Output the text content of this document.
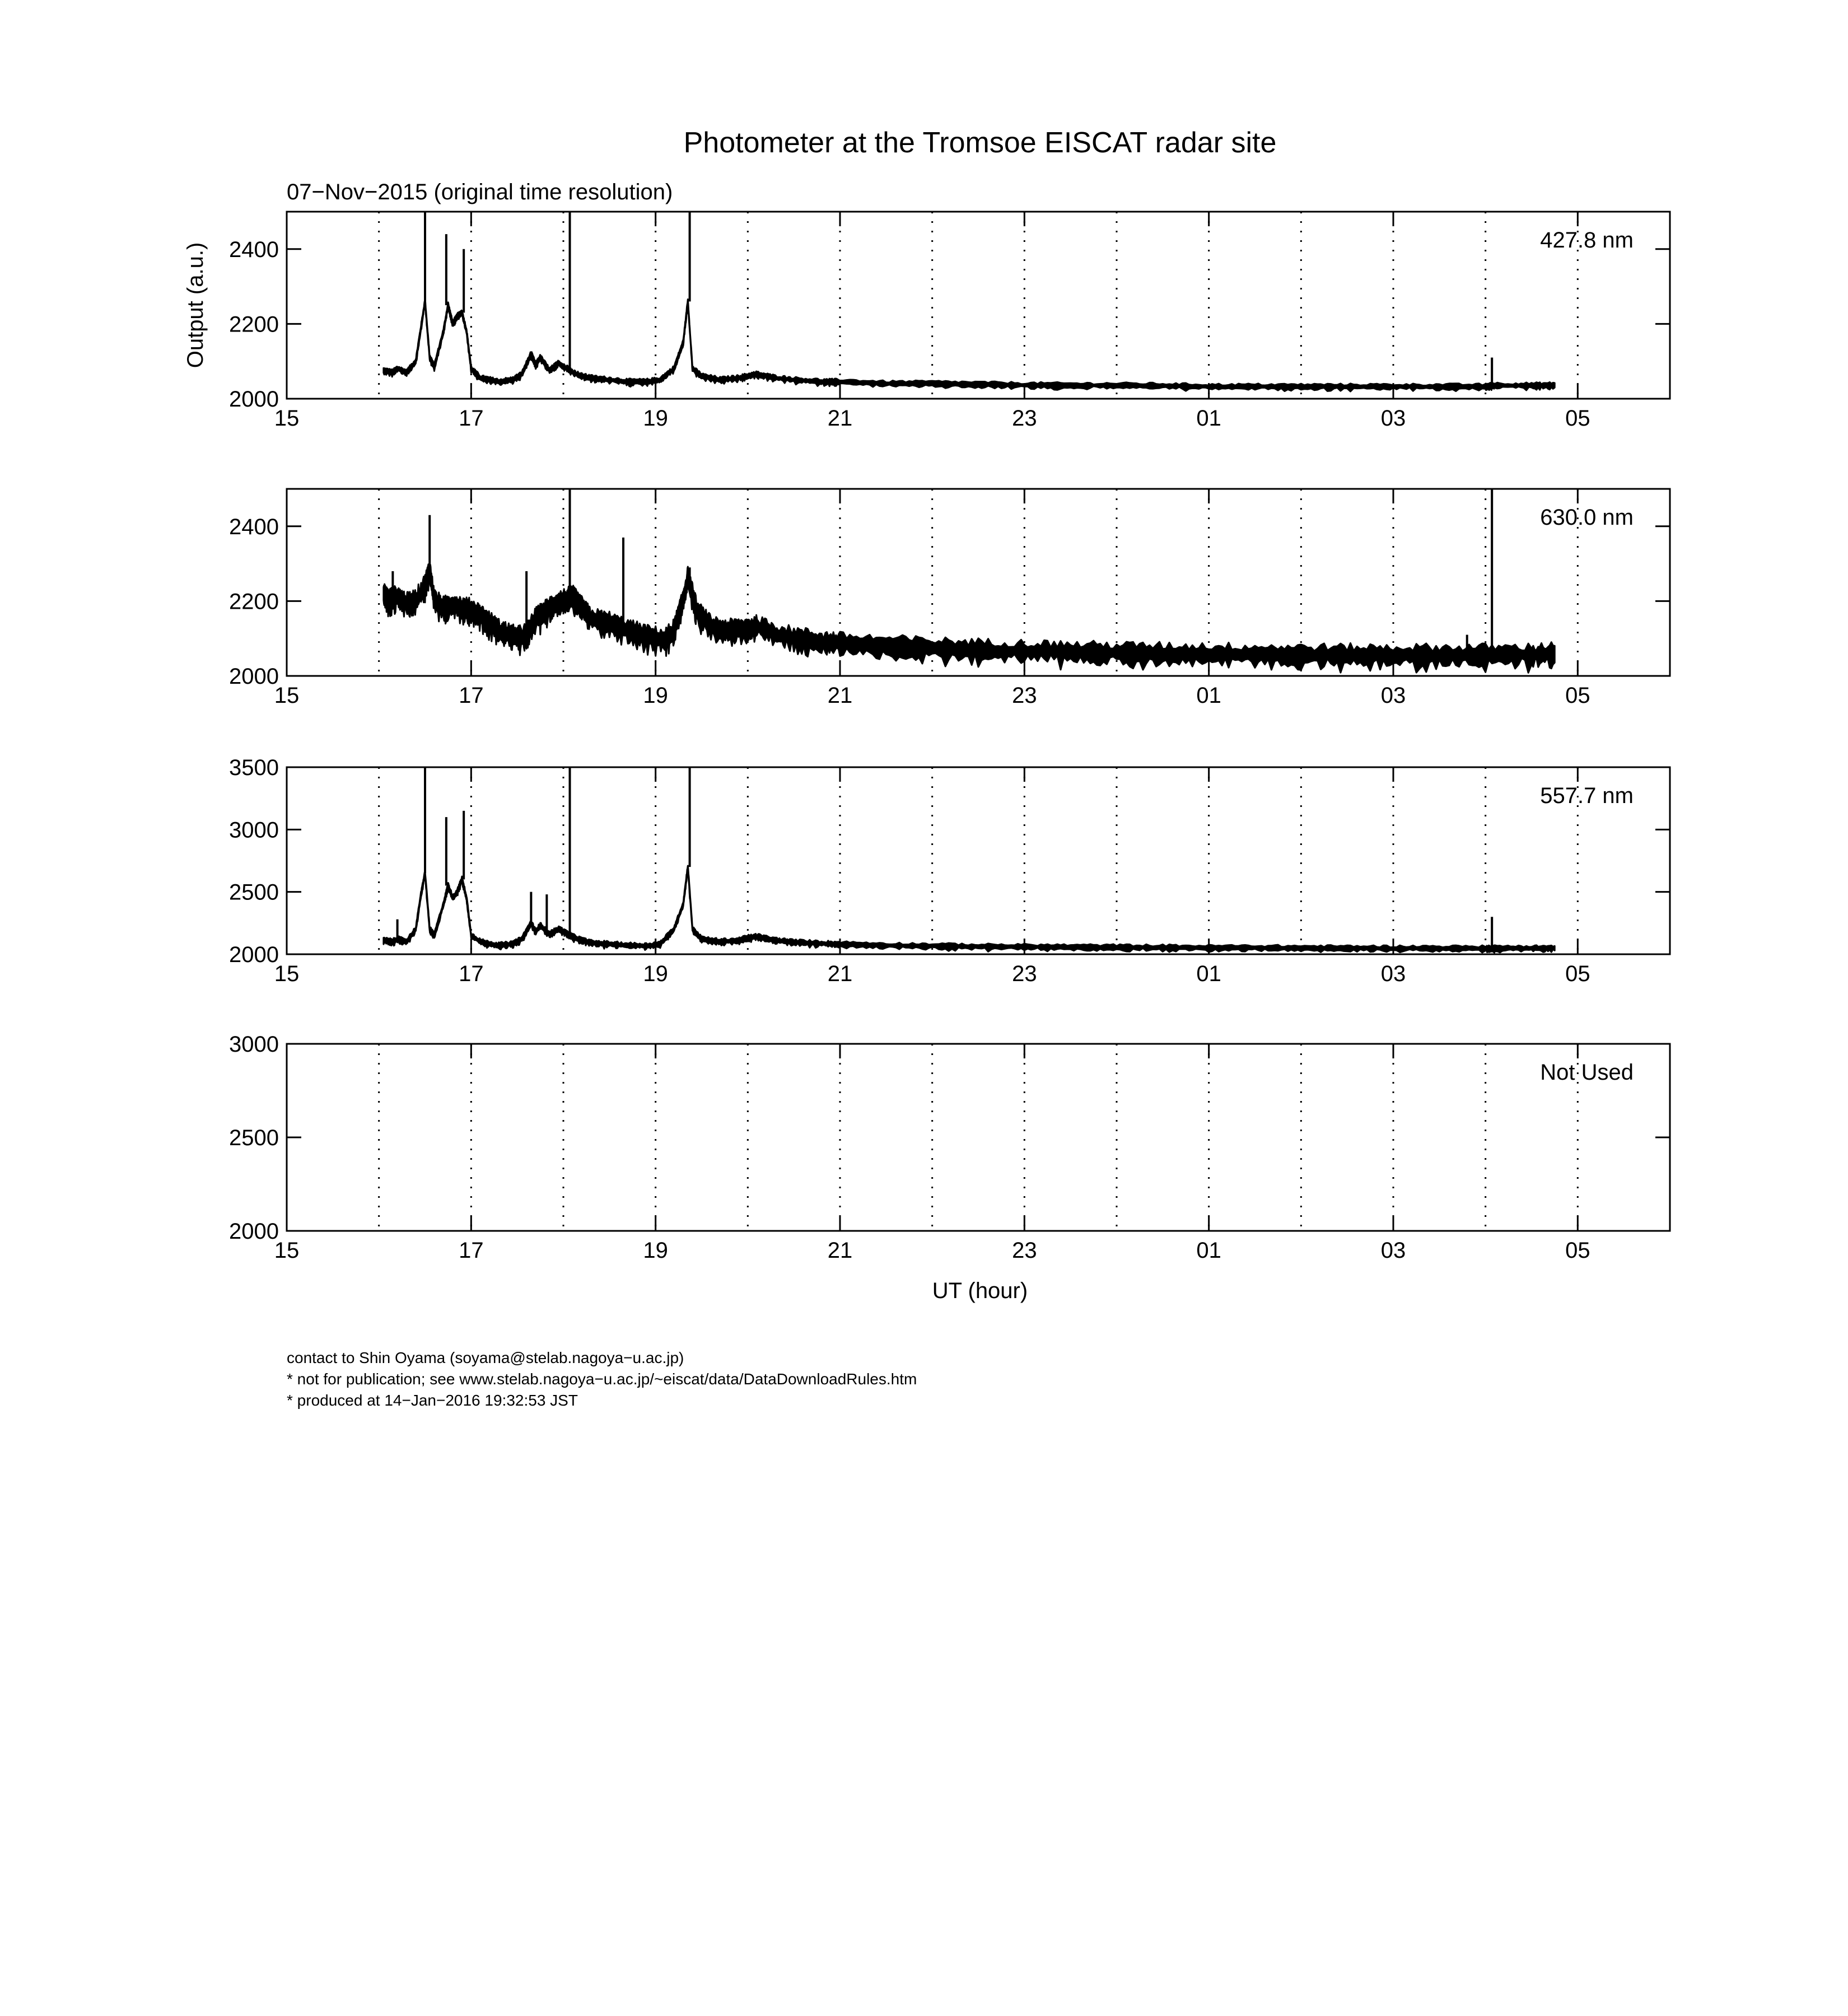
Photometer at the Tromsoe EISCAT radar site
07−Nov−2015 (original time resolution)
Output (a.u.)
UT (hour)
15	17	19	21	23	01	03	05
2000
2200
2400	427.8 nm
15	17	19	21	23	01	03	05
2000
2200
2400	630.0 nm
15	17	19	21	23	01	03	05
2000
2500
3000
3500
557.7 nm
15	17	19	21	23	01	03	05
2000
2500
3000
Not Used
contact to Shin Oyama (soyama@stelab.nagoya−u.ac.jp)
* not for publication; see www.stelab.nagoya−u.ac.jp/~eiscat/data/DataDownloadRules.htm
* produced at 14−Jan−2016 19:32:53 JST
